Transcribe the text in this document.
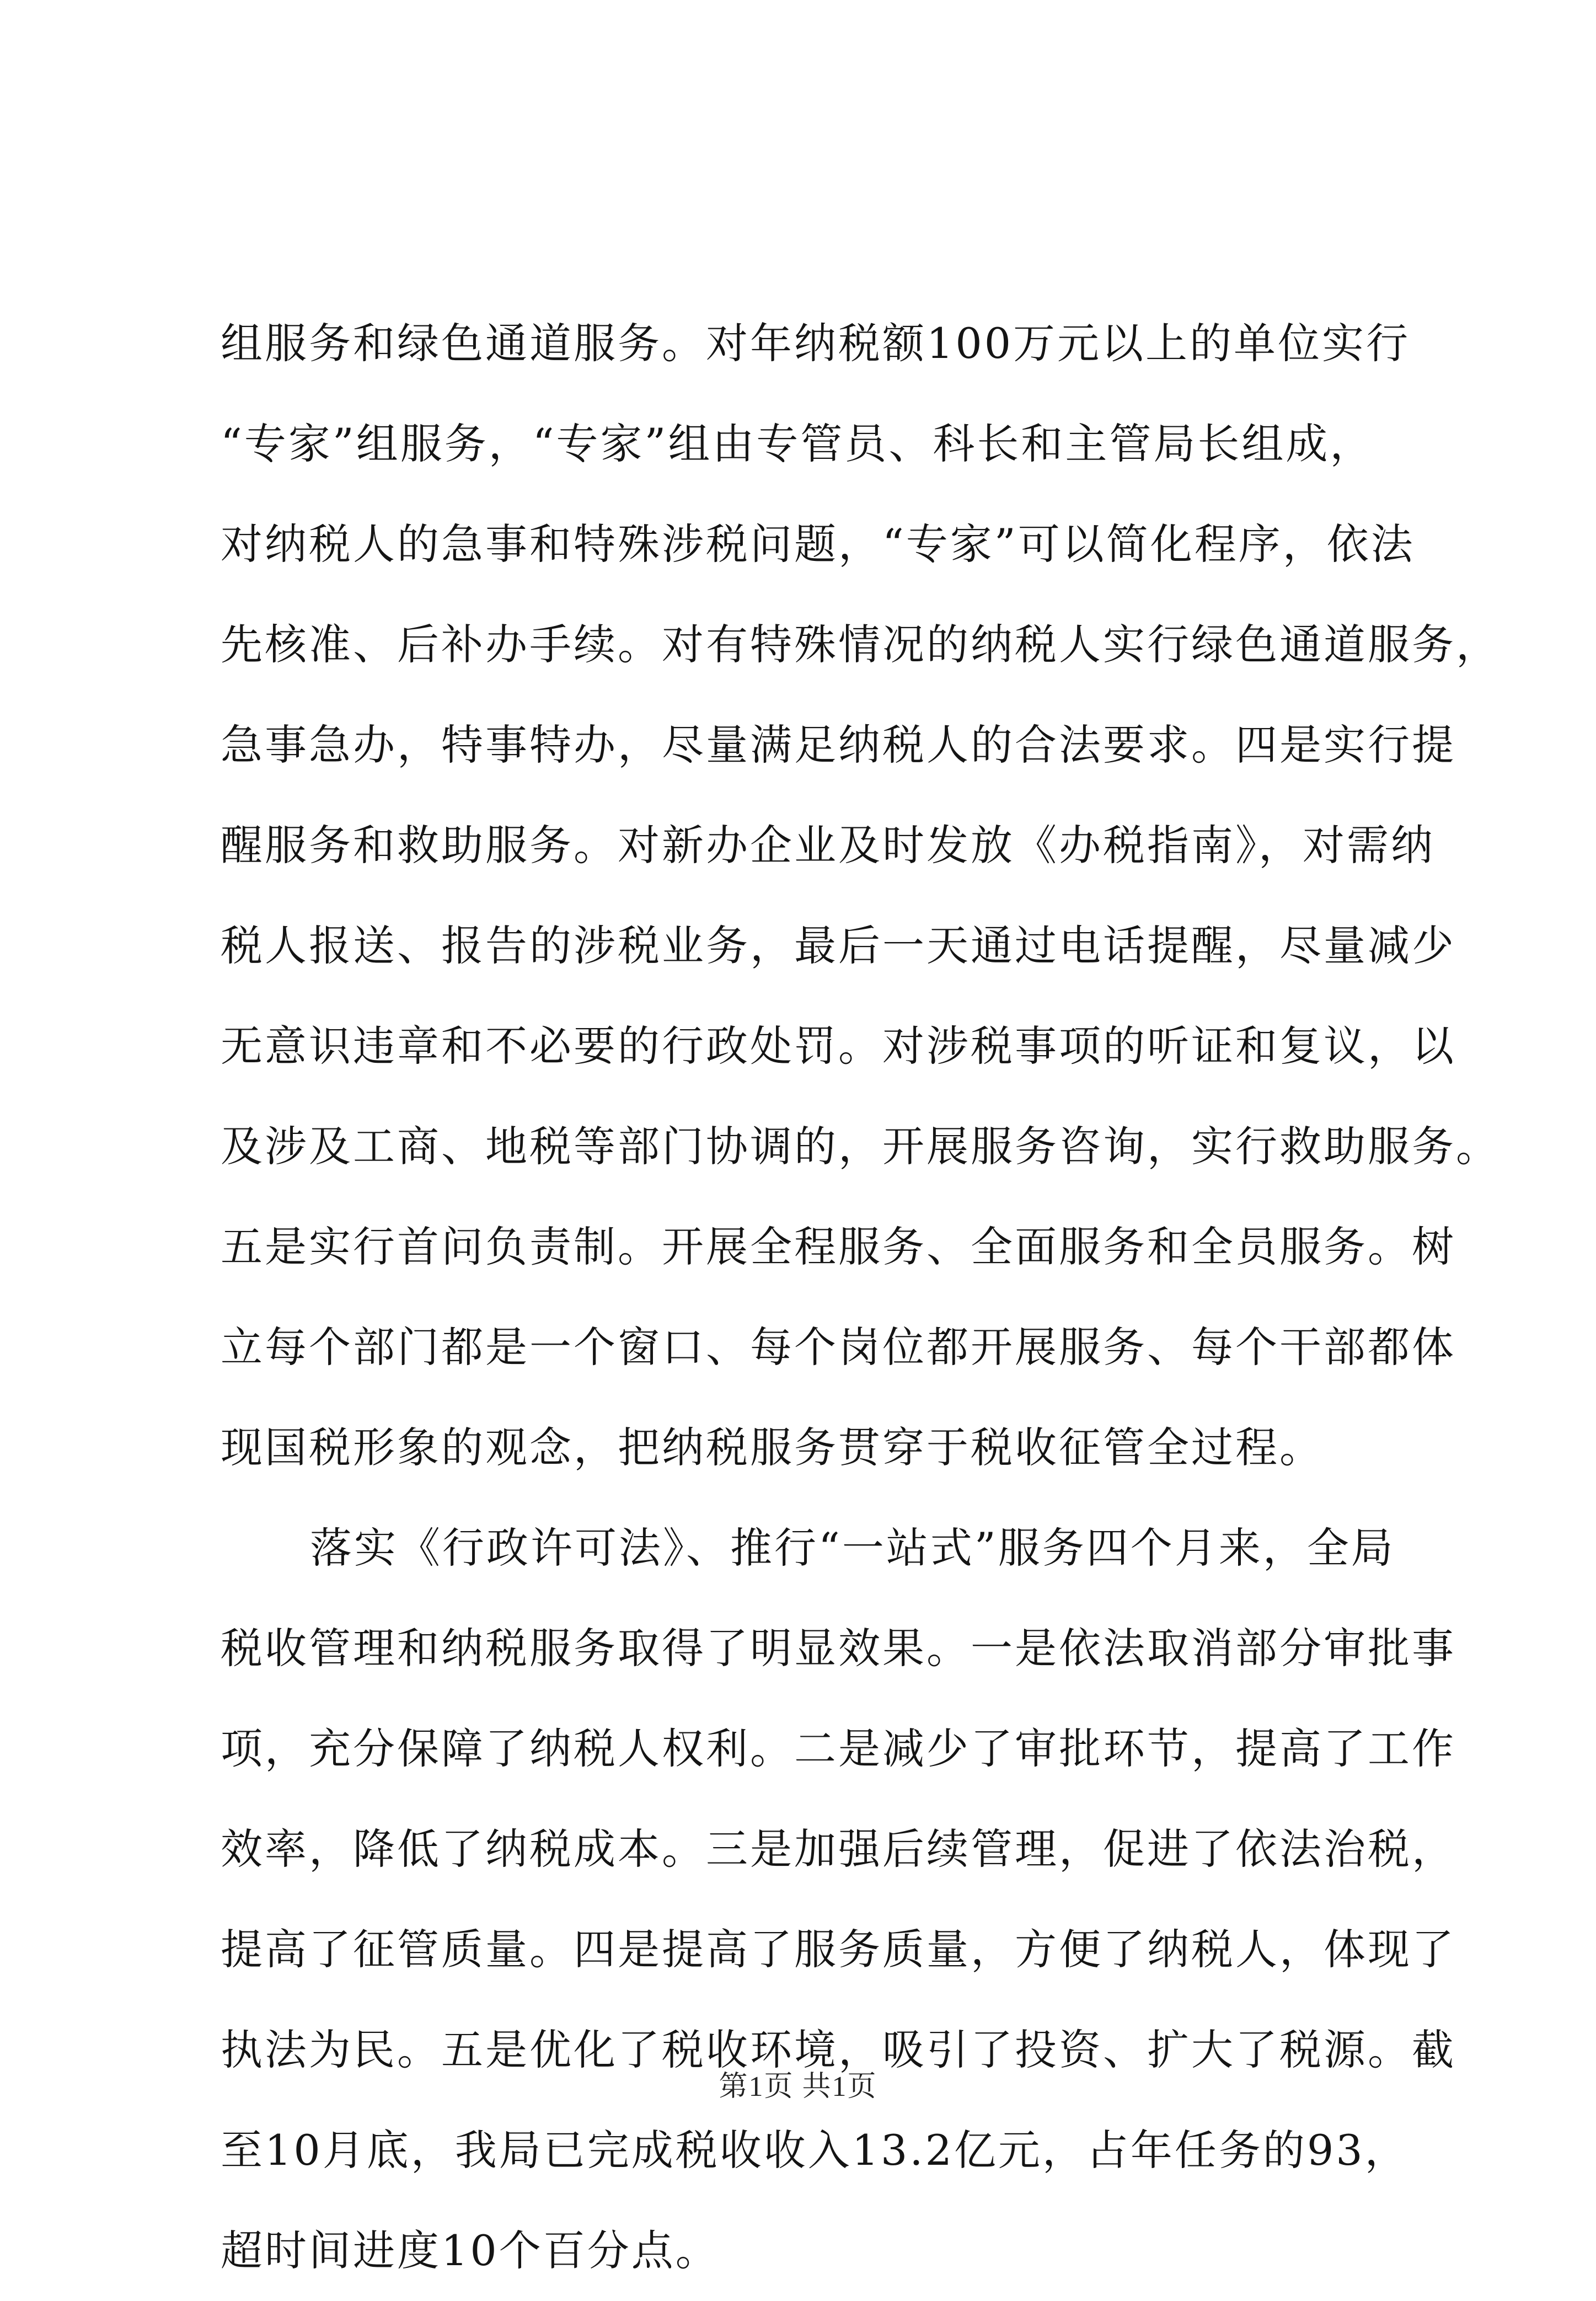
组服务和绿色通道服务。对年纳税额100万元以上的单位实行
“专家”组服务，“专家”组由专管员、科长和主管局长组成，
对纳税人的急事和特殊涉税问题，“专家”可以简化程序，依法
先核准、后补办手续。对有特殊情况的纳税人实行绿色通道服务，
急事急办，特事特办，尽量满足纳税人的合法要求。四是实行提
醒服务和救助服务。对新办企业及时发放《办税指南》，对需纳
税人报送、报告的涉税业务，最后一天通过电话提醒，尽量减少
无意识违章和不必要的行政处罚。对涉税事项的听证和复议，以
及涉及工商、地税等部门协调的，开展服务咨询，实行救助服务。
五是实行首问负责制。开展全程服务、全面服务和全员服务。树
立每个部门都是一个窗口、每个岗位都开展服务、每个干部都体
现国税形象的观念，把纳税服务贯穿于税收征管全过程。
落实《行政许可法》、推行“一站式”服务四个月来，全局
税收管理和纳税服务取得了明显效果。一是依法取消部分审批事
项，充分保障了纳税人权利。二是减少了审批环节，提高了工作
效率，降低了纳税成本。三是加强后续管理，促进了依法治税，
提高了征管质量。四是提高了服务质量，方便了纳税人，体现了
执法为民。五是优化了税收环境，吸引了投资、扩大了税源。截
至10月底，我局已完成税收收入13.2亿元，占年任务的93，
超时间进度10个百分点。
第1页 共1页
